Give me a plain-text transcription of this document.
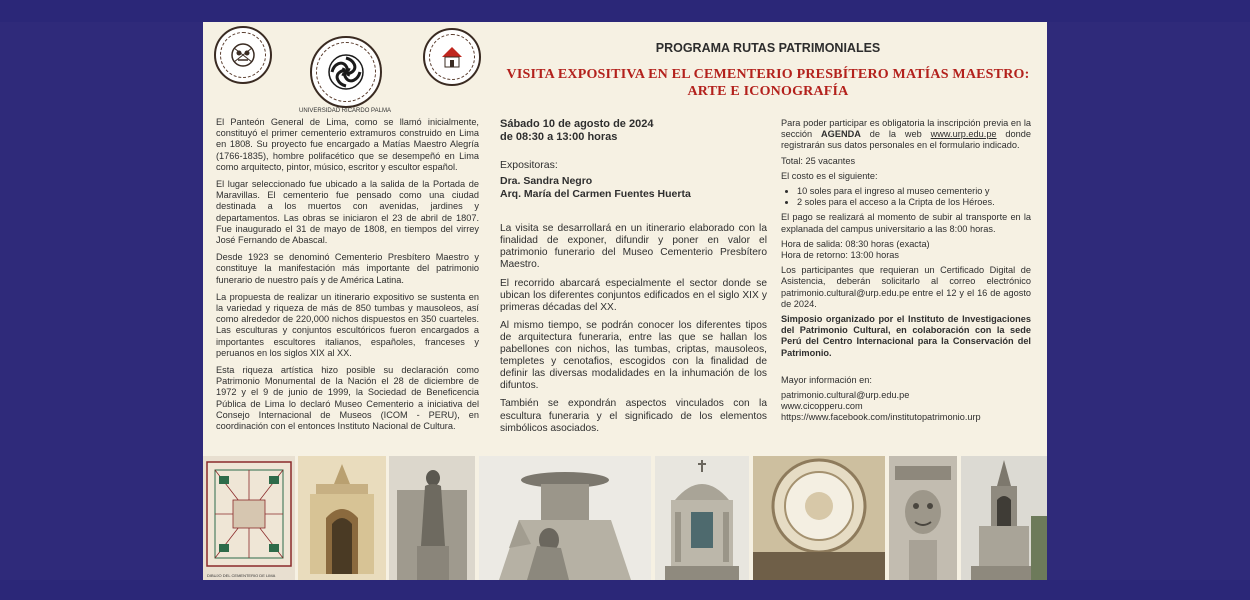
UNIVERSIDAD RICARDO PALMA
PROGRAMA RUTAS PATRIMONIALES
VISITA EXPOSITIVA EN EL CEMENTERIO PRESBÍTERO MATÍAS MAESTRO:
ARTE E ICONOGRAFÍA

El Panteón General de Lima, como se llamó inicialmente, constituyó el primer cementerio extramuros construido en Lima en 1808. Su proyecto fue encargado a Matías Maestro Alegría (1766-1835), hombre polifacético que se desempeñó en Lima como arquitecto, pintor, músico, escritor y escultor español.

El lugar seleccionado fue ubicado a la salida de la Portada de Maravillas. El cementerio fue pensado como una ciudad destinada a los muertos con avenidas, jardines y departamentos. Las obras se iniciaron el 23 de abril de 1807. Fue inaugurado el 31 de mayo de 1808, en tiempos del virrey José Fernando de Abascal.

Desde 1923 se denominó Cementerio Presbítero Maestro y constituye la manifestación más importante del patrimonio funerario de nuestro país y de América Latina.

La propuesta de realizar un itinerario expositivo se sustenta en la variedad y riqueza de más de 850 tumbas y mausoleos, así como alrededor de 220,000 nichos dispuestos en 350 cuarteles. Las esculturas y conjuntos escultóricos fueron encargados a importantes escultores italianos, españoles, franceses y peruanos en los siglos XIX al XX.

Esta riqueza artística hizo posible su declaración como Patrimonio Monumental de la Nación el 28 de diciembre de 1972 y el 9 de junio de 1999, la Sociedad de Beneficencia Pública de Lima lo declaró Museo Cementerio a iniciativa del Consejo Internacional de Museos (ICOM - PERU), en coordinación con el entonces Instituto Nacional de Cultura.

Sábado 10 de agosto de 2024
de 08:30 a 13:00 horas
Expositoras:
Dra. Sandra Negro
Arq. María del Carmen Fuentes Huerta

La visita se desarrollará en un itinerario elaborado con la finalidad de exponer, difundir y poner en valor el patrimonio funerario del Museo Cementerio Presbítero Maestro.

El recorrido abarcará especialmente el sector donde se ubican los diferentes conjuntos edificados en el siglo XIX y primeras décadas del XX.

Al mismo tiempo, se podrán conocer los diferentes tipos de arquitectura funeraria, entre las que se hallan los pabellones con nichos, las tumbas, criptas, mausoleos, templetes y cenotafios, escogidos con la finalidad de definir las diversas modalidades en la inhumación de los difuntos.

También se expondrán aspectos vinculados con la escultura funeraria y el significado de los elementos simbólicos asociados.

Para poder participar es obligatoria la inscripción previa en la sección AGENDA de la web www.urp.edu.pe donde registrarán sus datos personales en el formulario indicado.

Total: 25 vacantes

El costo es el siguiente:

• 10 soles para el ingreso al museo cementerio y
• 2 soles para el acceso a la Cripta de los Héroes.

El pago se realizará al momento de subir al transporte en la explanada del campus universitario a las 8:00 horas.

Hora de salida: 08:30 horas (exacta)

Hora de retorno: 13:00 horas

Los participantes que requieran un Certificado Digital de Asistencia, deberán solicitarlo al correo electrónico patrimonio.cultural@urp.edu.pe entre el 12 y el 16 de agosto de 2024.

Simposio organizado por el Instituto de Investigaciones del Patrimonio Cultural, en colaboración con la sede Perú del Centro Internacional para la Conservación del Patrimonio.

Mayor información en:

patrimonio.cultural@urp.edu.pe
www.cicopperu.com
https://www.facebook.com/institutopatrimonio.urp
DIBUJO DEL CEMENTERIO DE LIMA
